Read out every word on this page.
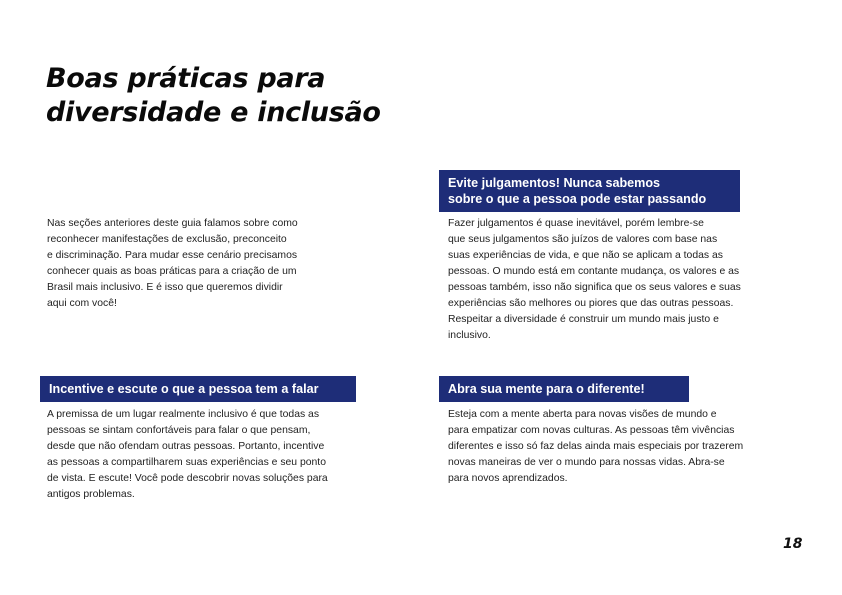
Boas práticas para
diversidade e inclusão

Nas seções anteriores deste guia falamos sobre como
reconhecer manifestações de exclusão, preconceito
e discriminação. Para mudar esse cenário precisamos
conhecer quais as boas práticas para a criação de um
Brasil mais inclusivo. E é isso que queremos dividir
aqui com você!

Evite julgamentos! Nunca sabemos
sobre o que a pessoa pode estar passando

Fazer julgamentos é quase inevitável, porém lembre-se
que seus julgamentos são juízos de valores com base nas
suas experiências de vida, e que não se aplicam a todas as
pessoas. O mundo está em contante mudança, os valores e as
pessoas também, isso não significa que os seus valores e suas
experiências são melhores ou piores que das outras pessoas.
Respeitar a diversidade é construir um mundo mais justo e
inclusivo.

Incentive e escute o que a pessoa tem a falar

A premissa de um lugar realmente inclusivo é que todas as
pessoas se sintam confortáveis para falar o que pensam,
desde que não ofendam outras pessoas. Portanto, incentive
as pessoas a compartilharem suas experiências e seu ponto
de vista. E escute! Você pode descobrir novas soluções para
antigos problemas.

Abra sua mente para o diferente!

Esteja com a mente aberta para novas visões de mundo e
para empatizar com novas culturas. As pessoas têm vivências
diferentes e isso só faz delas ainda mais especiais por trazerem
novas maneiras de ver o mundo para nossas vidas. Abra-se
para novos aprendizados.

18
